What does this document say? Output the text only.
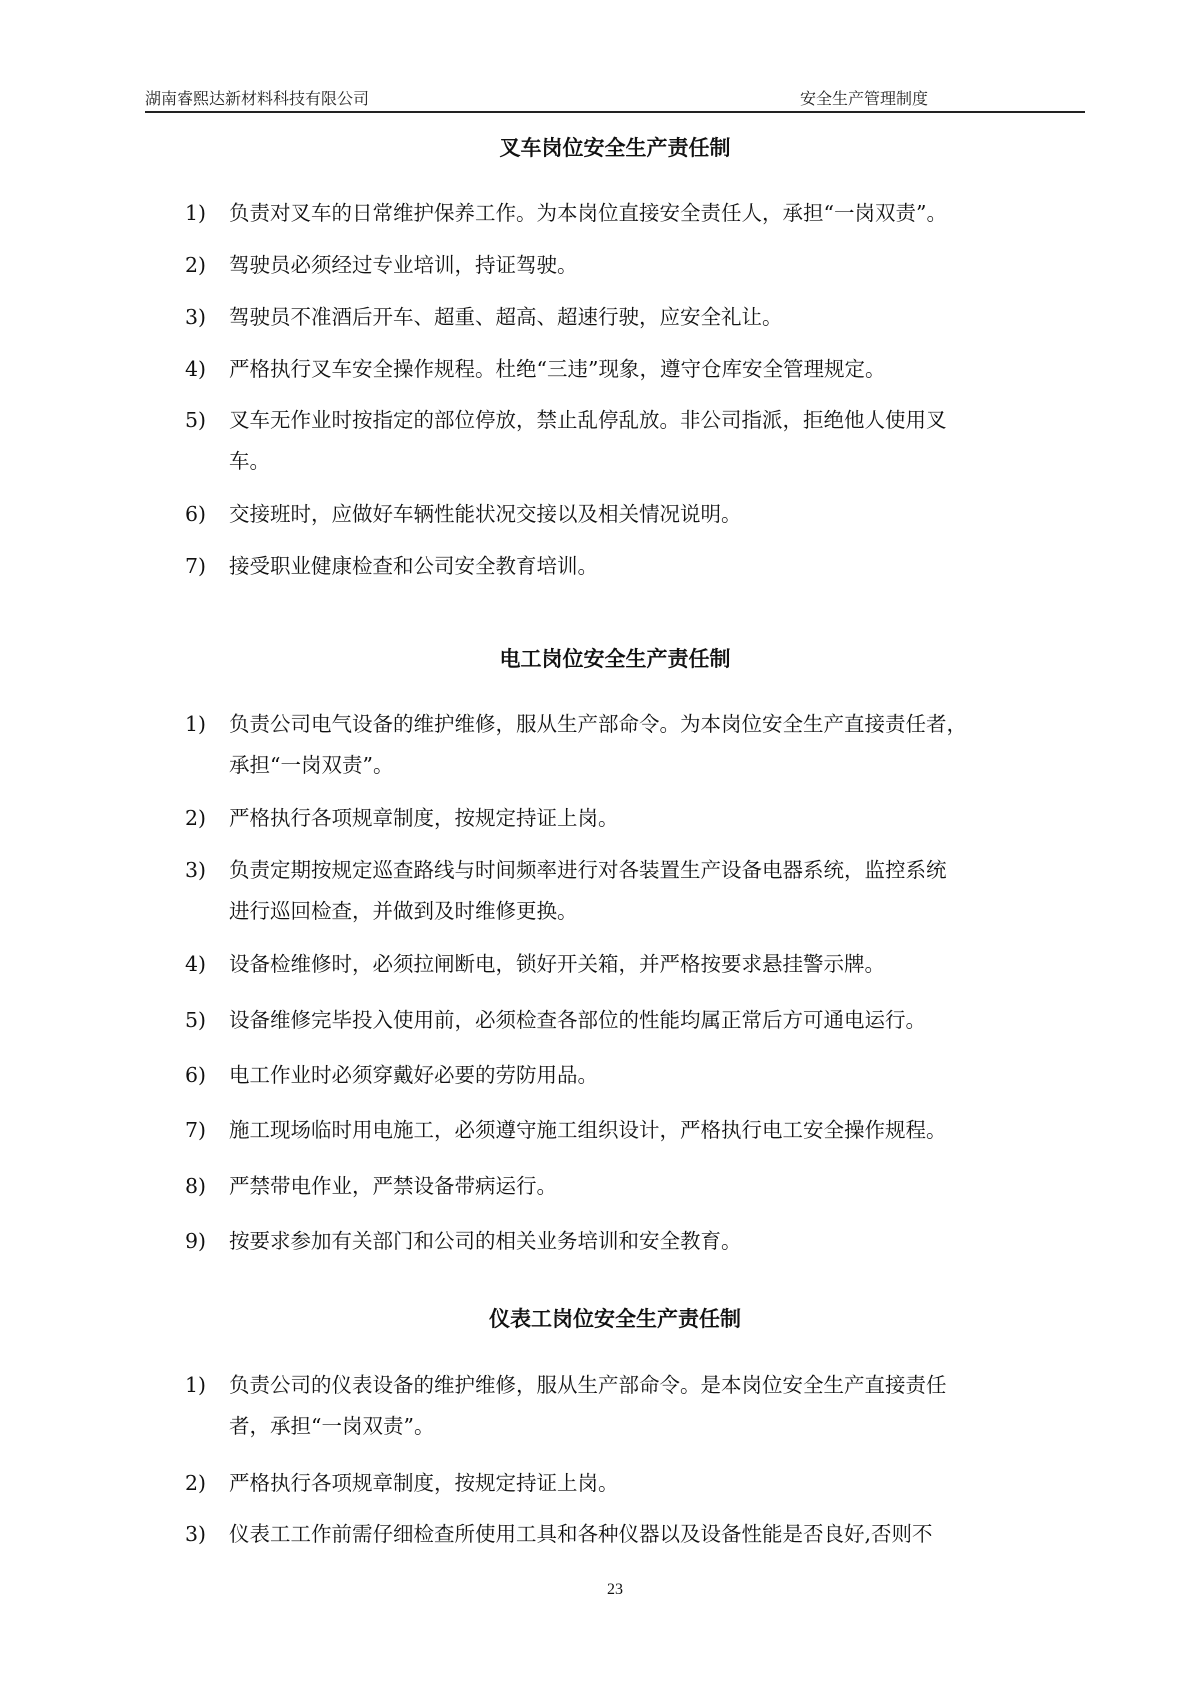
湖南睿熙达新材料科技有限公司	安全生产管理制度
叉车岗位安全生产责任制
1)	负责对叉车的日常维护保养工作。为本岗位直接安全责任人，承担“一岗双责”。
2)	驾驶员必须经过专业培训，持证驾驶。
3)	驾驶员不准酒后开车、超重、超高、超速行驶，应安全礼让。
4)	严格执行叉车安全操作规程。杜绝“三违”现象，遵守仓库安全管理规定。
5)	叉车无作业时按指定的部位停放，禁止乱停乱放。非公司指派，拒绝他人使用叉
车。
6)	交接班时，应做好车辆性能状况交接以及相关情况说明。
7)	接受职业健康检查和公司安全教育培训。
电工岗位安全生产责任制
1)	负责公司电气设备的维护维修，服从生产部命令。为本岗位安全生产直接责任者，
承担“一岗双责”。
2)	严格执行各项规章制度，按规定持证上岗。
3)	负责定期按规定巡查路线与时间频率进行对各装置生产设备电器系统，监控系统
进行巡回检查，并做到及时维修更换。
4)	设备检维修时，必须拉闸断电，锁好开关箱，并严格按要求悬挂警示牌。
5)	设备维修完毕投入使用前，必须检查各部位的性能均属正常后方可通电运行。
6)	电工作业时必须穿戴好必要的劳防用品。
7)	施工现场临时用电施工，必须遵守施工组织设计，严格执行电工安全操作规程。
8)	严禁带电作业，严禁设备带病运行。
9)	按要求参加有关部门和公司的相关业务培训和安全教育。
仪表工岗位安全生产责任制
1)	负责公司的仪表设备的维护维修，服从生产部命令。是本岗位安全生产直接责任
者，承担“一岗双责”。
2)	严格执行各项规章制度，按规定持证上岗。
3)	仪表工工作前需仔细检查所使用工具和各种仪器以及设备性能是否良好,否则不
23
